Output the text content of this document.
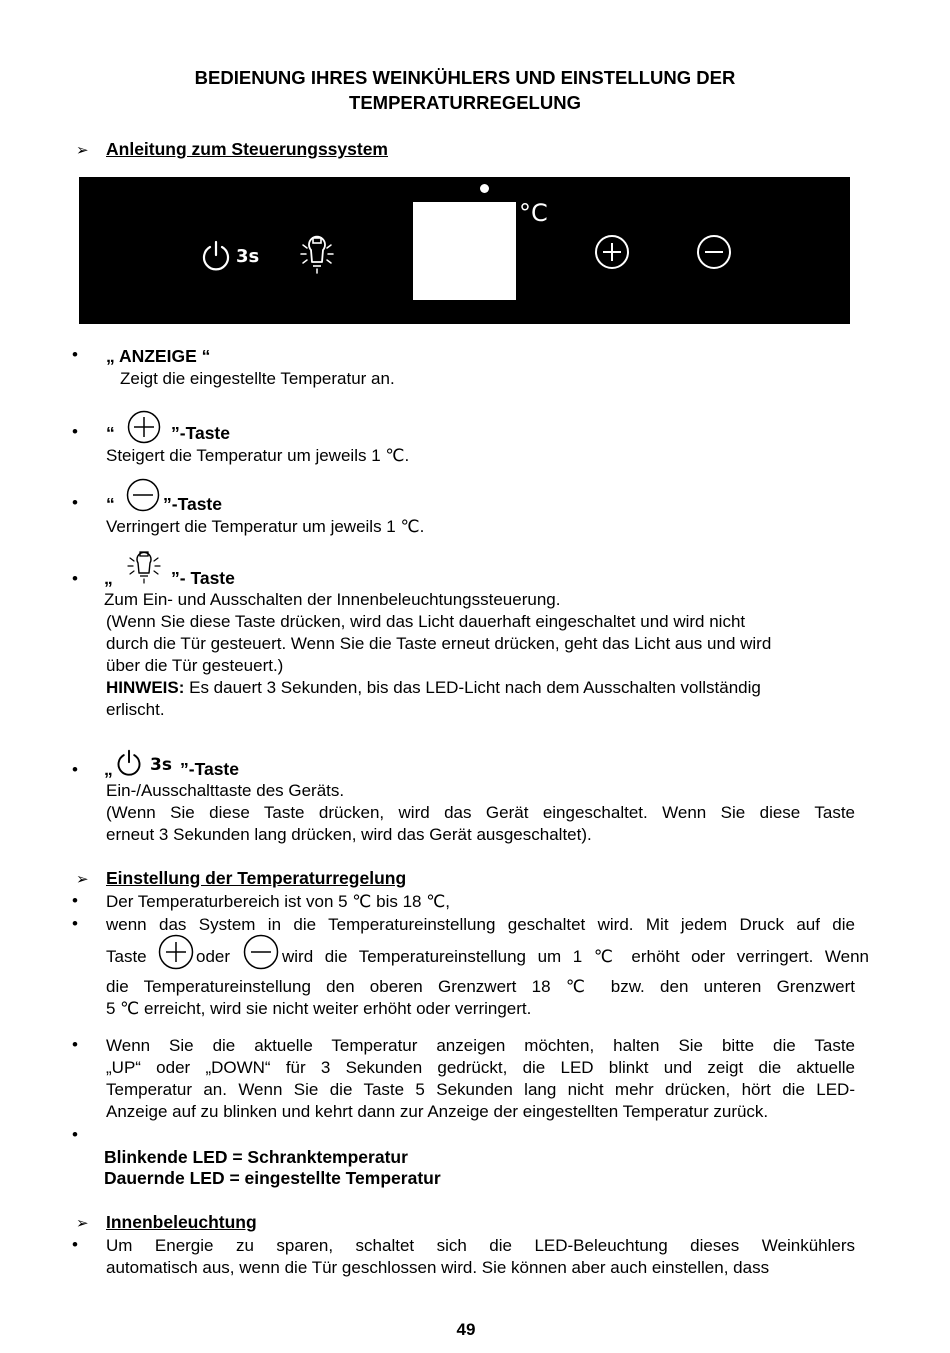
BEDIENUNG IHRES WEINKÜHLERS UND EINSTELLUNG DER
TEMPERATURREGELUNG
➢ Anleitung zum Steuerungssystem
3s
°C
• „ ANZEIGE “
Zeigt die eingestellte Temperatur an.
• “	”-Taste
Steigert die Temperatur um jeweils 1 ℃.
• “	”-Taste
Verringert die Temperatur um jeweils 1 ℃.
• „	”- Taste
Zum Ein- und Ausschalten der Innenbeleuchtungssteuerung.
(Wenn Sie diese Taste drücken, wird das Licht dauerhaft eingeschaltet und wird nicht
durch die Tür gesteuert. Wenn Sie die Taste erneut drücken, geht das Licht aus und wird
über die Tür gesteuert.)
HINWEIS: Es dauert 3 Sekunden, bis das LED-Licht nach dem Ausschalten vollständig
erlischt.
• „ 3s ”-Taste
Ein-/Ausschalttaste des Geräts.
(Wenn Sie diese Taste drücken, wird das Gerät eingeschaltet. Wenn Sie diese Taste
erneut 3 Sekunden lang drücken, wird das Gerät ausgeschaltet).
➢ Einstellung der Temperaturregelung
• Der Temperaturbereich ist von 5 ℃ bis 18 ℃,
• wenn das System in die Temperatureinstellung geschaltet wird. Mit jedem Druck auf die
Taste	oder	wird die Temperatureinstellung um 1 ℃ erhöht oder verringert. Wenn
die Temperatureinstellung den oberen Grenzwert 18 ℃ bzw. den unteren Grenzwert
5 ℃ erreicht, wird sie nicht weiter erhöht oder verringert.
• Wenn Sie die aktuelle Temperatur anzeigen möchten, halten Sie bitte die Taste
„UP“ oder „DOWN“ für 3 Sekunden gedrückt, die LED blinkt und zeigt die aktuelle
Temperatur an. Wenn Sie die Taste 5 Sekunden lang nicht mehr drücken, hört die LED-
Anzeige auf zu blinken und kehrt dann zur Anzeige der eingestellten Temperatur zurück.
•
Blinkende LED = Schranktemperatur
Dauernde LED = eingestellte Temperatur
➢ Innenbeleuchtung
• Um Energie zu sparen, schaltet sich die LED-Beleuchtung dieses Weinkühlers
automatisch aus, wenn die Tür geschlossen wird. Sie können aber auch einstellen, dass
49
